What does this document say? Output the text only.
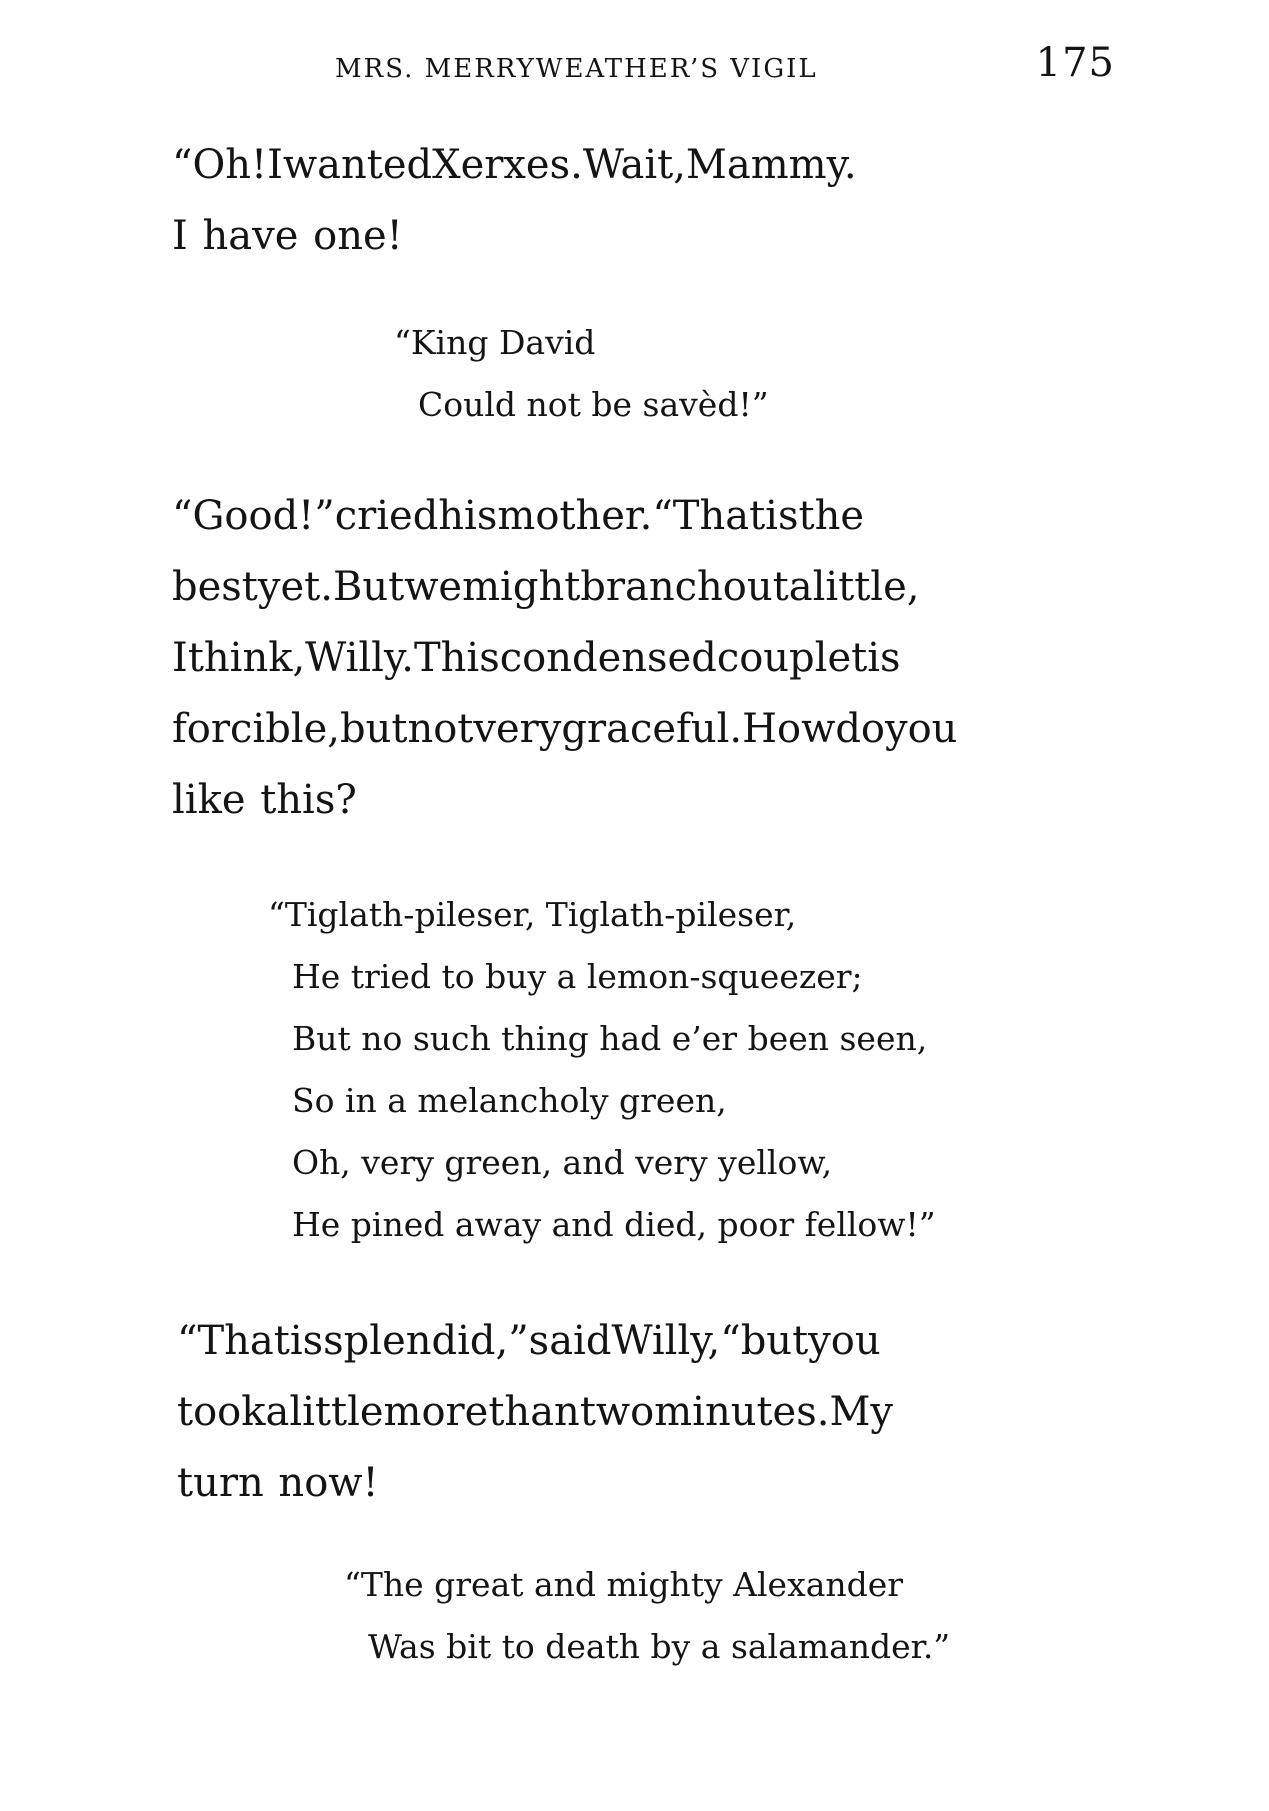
MRS. MERRYWEATHER’S VIGIL	175
“Oh!IwantedXerxes.Wait,Mammy.
I have one!
“King David
Could not be savèd!”
“Good!”criedhismother.“Thatisthe
bestyet.Butwemightbranchoutalittle,
Ithink,Willy.Thiscondensedcoupletis
forcible,butnotverygraceful.Howdoyou
like this?
“Tiglath-pileser, Tiglath-pileser,
He tried to buy a lemon-squeezer;
But no such thing had e’er been seen,
So in a melancholy green,
Oh, very green, and very yellow,
He pined away and died, poor fellow!”
“Thatissplendid,”saidWilly,“butyou
tookalittlemorethantwominutes.My
turn now!
“The great and mighty Alexander
Was bit to death by a salamander.”
